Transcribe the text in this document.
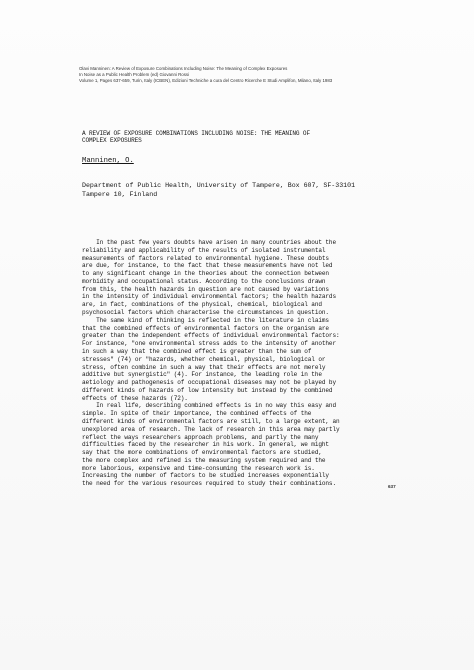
Olavi Manninen: A Review of Exposure Combinations Including Noise: The Meaning of Complex Exposures
In Noise as a Public Health Problem (ed) Giovanni Rossi
Volume 1, Pages 637-659, Turin, Italy (ICBEN), Edizioni Techniche a cura del Centro Ricerche E Studi Amplifon, Milano, Italy 1983
A REVIEW OF EXPOSURE COMBINATIONS INCLUDING NOISE: THE MEANING OF
COMPLEX EXPOSURES
Manninen, O.
Department of Public Health, University of Tampere, Box 607, SF-33101
Tampere 10, Finland
In the past few years doubts have arisen in many countries about the
reliability and applicability of the results of isolated instrumental
measurements of factors related to environmental hygiene. These doubts
are due, for instance, to the fact that these measurements have not led
to any significant change in the theories about the connection between
morbidity and occupational status. According to the conclusions drawn
from this, the health hazards in question are not caused by variations
in the intensity of individual environmental factors; the health hazards
are, in fact, combinations of the physical, chemical, biological and
psychosocial factors which characterise the circumstances in question.
The same kind of thinking is reflected in the literature in claims
that the combined effects of environmental factors on the organism are
greater than the independent effects of individual environmental factors:
For instance, "one environmental stress adds to the intensity of another
in such a way that the combined effect is greater than the sum of
stresses" (74) or "hazards, whether chemical, physical, biological or
stress, often combine in such a way that their effects are not merely
additive but synergistic" (4). For instance, the leading role in the
aetiology and pathogenesis of occupational diseases may not be played by
different kinds of hazards of low intensity but instead by the combined
effects of these hazards (72).
In real life, describing combined effects is in no way this easy and
simple. In spite of their importance, the combined effects of the
different kinds of environmental factors are still, to a large extent, an
unexplored area of research. The lack of research in this area may partly
reflect the ways researchers approach problems, and partly the many
difficulties faced by the researcher in his work. In general, we might
say that the more combinations of environmental factors are studied,
the more complex and refined is the measuring system required and the
more laborious, expensive and time-consuming the research work is.
Increasing the number of factors to be studied increases exponentially
the need for the various resources required to study their combinations.	637
